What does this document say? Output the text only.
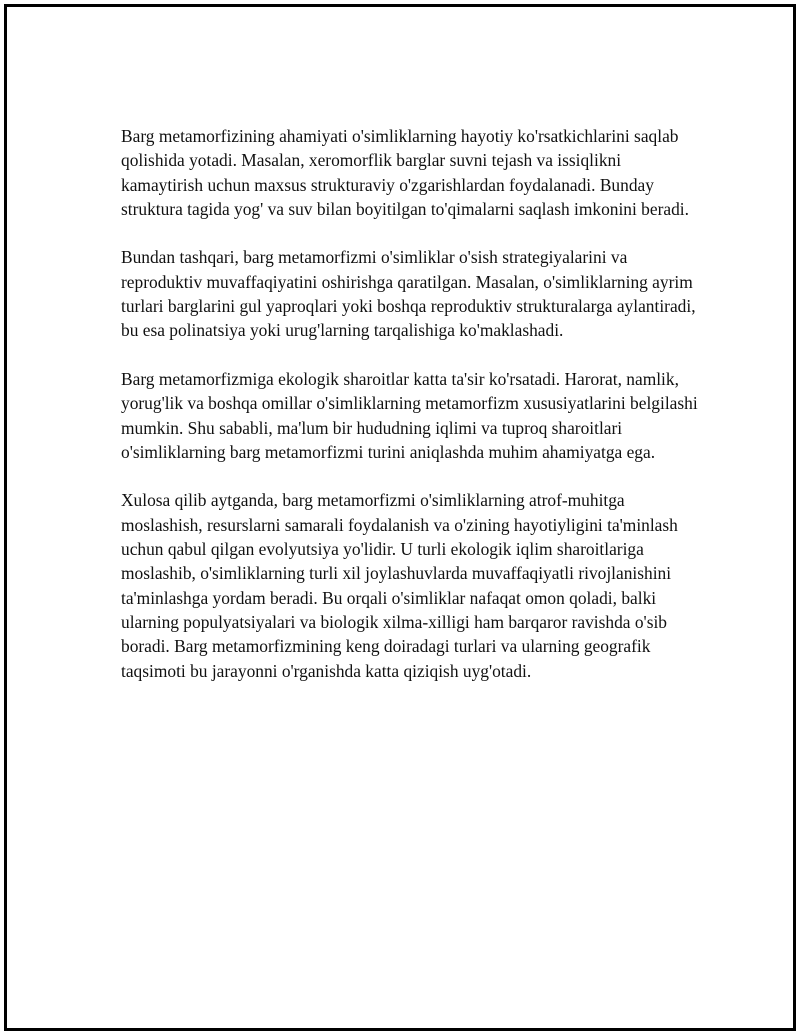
Barg metamorfizining ahamiyati o'simliklarning hayotiy ko'rsatkichlarini saqlab qolishida yotadi. Masalan, xeromorflik barglar suvni tejash va issiqlikni kamaytirish uchun maxsus strukturaviy o'zgarishlardan foydalanadi. Bunday struktura tagida yog' va suv bilan boyitilgan to'qimalarni saqlash imkonini beradi.

Bundan tashqari, barg metamorfizmi o'simliklar o'sish strategiyalarini va reproduktiv muvaffaqiyatini oshirishga qaratilgan. Masalan, o'simliklarning ayrim turlari barglarini gul yaproqlari yoki boshqa reproduktiv strukturalarga aylantiradi, bu esa polinatsiya yoki urug'larning tarqalishiga ko'maklashadi.

Barg metamorfizmiga ekologik sharoitlar katta ta'sir ko'rsatadi. Harorat, namlik, yorug'lik va boshqa omillar o'simliklarning metamorfizm xususiyatlarini belgilashi mumkin. Shu sababli, ma'lum bir hududning iqlimi va tuproq sharoitlari o'simliklarning barg metamorfizmi turini aniqlashda muhim ahamiyatga ega.

Xulosa qilib aytganda, barg metamorfizmi o'simliklarning atrof-muhitga moslashish, resurslarni samarali foydalanish va o'zining hayotiyligini ta'minlash uchun qabul qilgan evolyutsiya yo'lidir. U turli ekologik iqlim sharoitlariga moslashib, o'simliklarning turli xil joylashuvlarda muvaffaqiyatli rivojlanishini ta'minlashga yordam beradi. Bu orqali o'simliklar nafaqat omon qoladi, balki ularning populyatsiyalari va biologik xilma-xilligi ham barqaror ravishda o'sib boradi. Barg metamorfizmining keng doiradagi turlari va ularning geografik taqsimoti bu jarayonni o'rganishda katta qiziqish uyg'otadi.
